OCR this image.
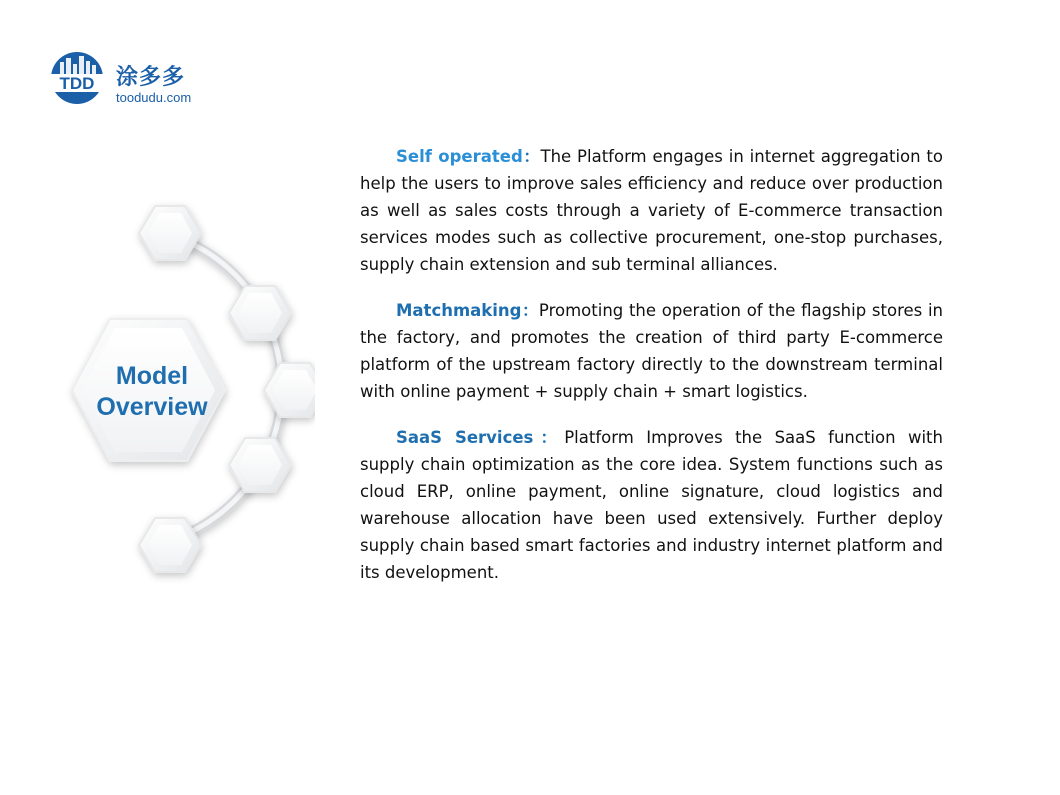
TDD 涂多多
toodudu.com
Model
Overview

Self operated：The Platform engages in internet aggregation to help the users to improve sales efficiency and reduce over production as well as sales costs through a variety of E-commerce transaction services modes such as collective procurement, one-stop purchases, supply chain extension and sub terminal alliances.

Matchmaking：Promoting the operation of the flagship stores in the factory, and promotes the creation of third party E-commerce platform of the upstream factory directly to the downstream terminal with online payment + supply chain + smart logistics.

SaaS Services：Platform Improves the SaaS function with supply chain optimization as the core idea. System functions such as cloud ERP, online payment, online signature, cloud logistics and warehouse allocation have been used extensively. Further deploy supply chain based smart factories and industry internet platform and its development.
